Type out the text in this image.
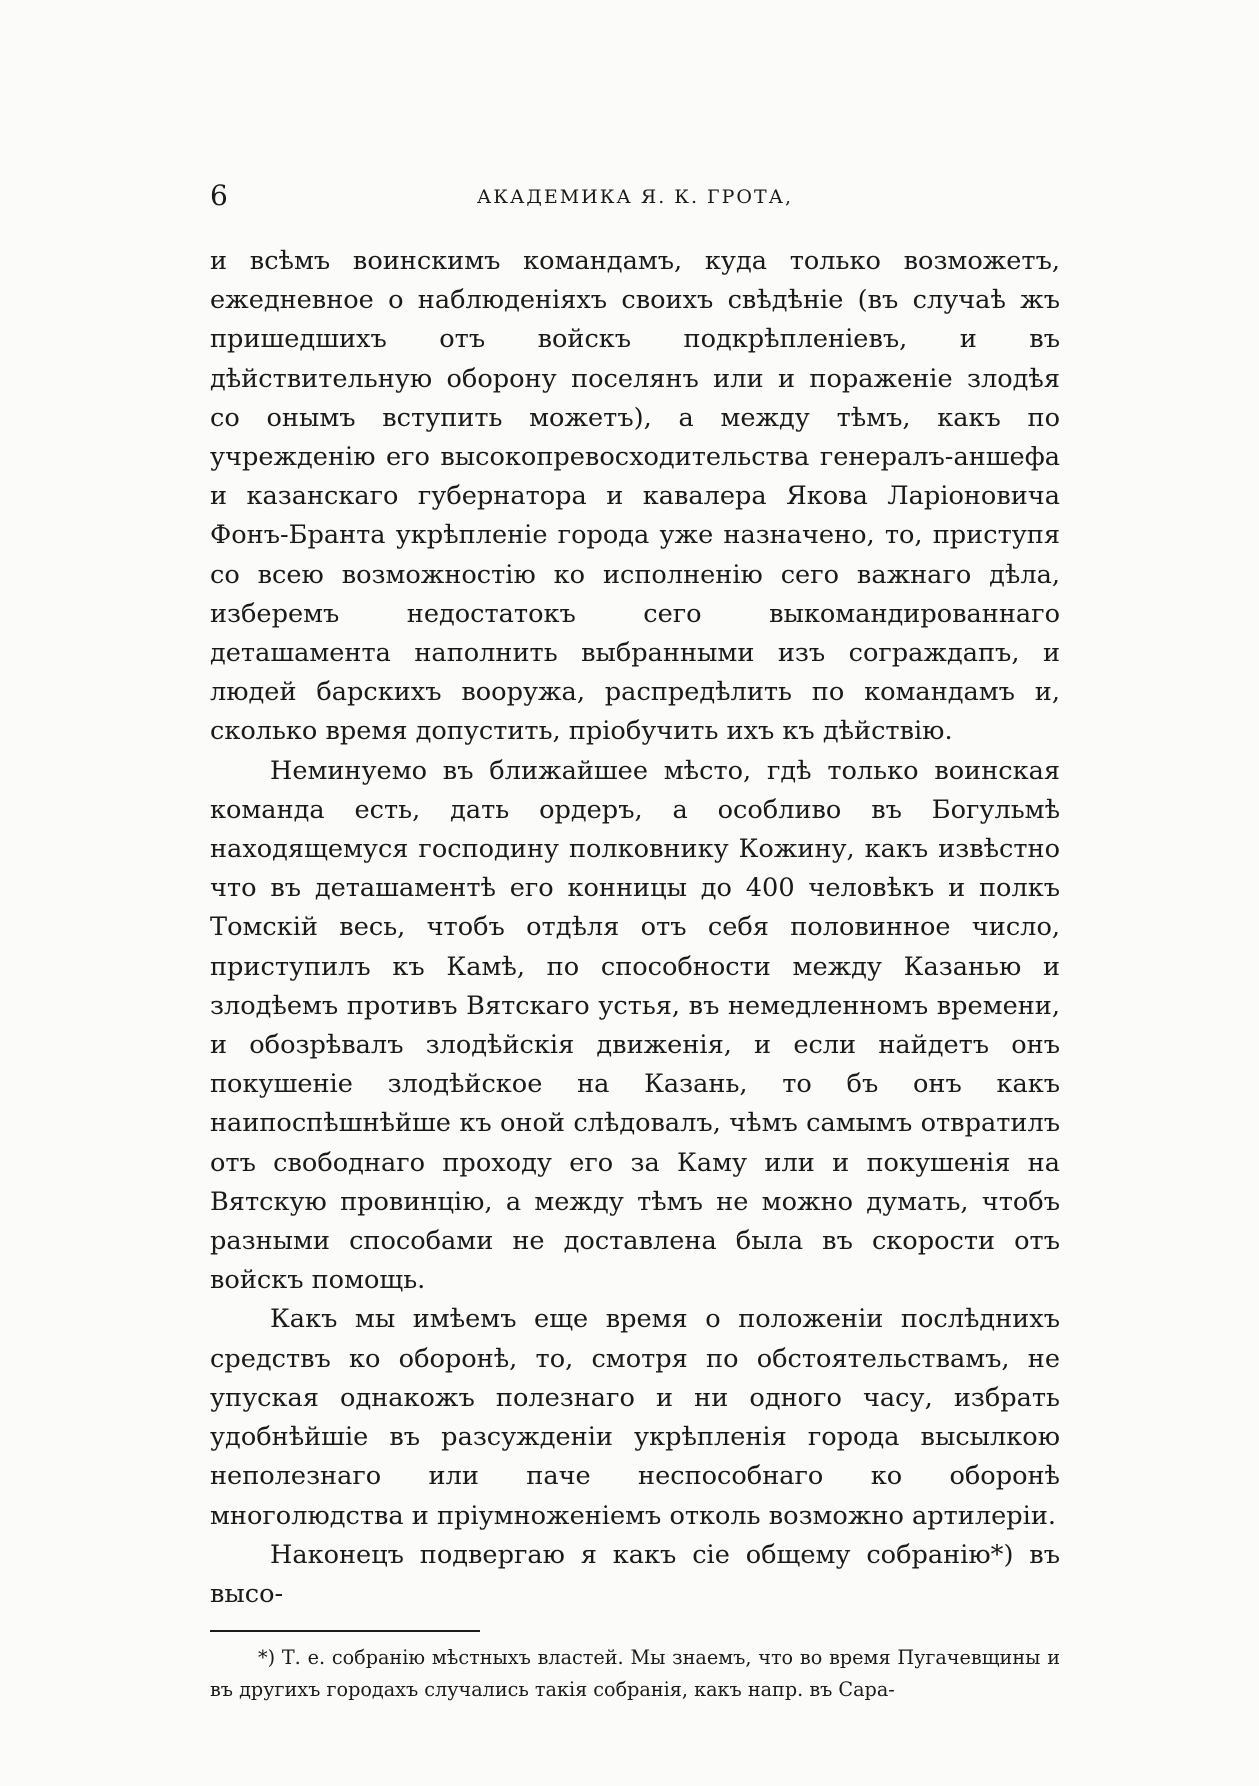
6	АКАДЕМИКА Я. К. ГРОТА,

и всѣмъ воинскимъ командамъ, куда только возможетъ, ежедневное о наблюденіяхъ своихъ свѣдѣніе (въ случаѣ жъ пришедшихъ отъ войскъ подкрѣпленіевъ, и въ дѣйствительную оборону поселянъ или и пораженіе злодѣя со онымъ вступить можетъ), а между тѣмъ, какъ по учрежденію его высокопревосходительства генералъ-аншефа и казанскаго губернатора и кавалера Якова Ларіоновича Фонъ-Бранта укрѣпленіе города уже назначено, то, приступя со всею возможностію ко исполненію сего важнаго дѣла, изберемъ недостатокъ сего выкомандированнаго деташамента наполнить выбранными изъ сограждапъ, и людей барскихъ вооружа, распредѣлить по командамъ и, сколько время допустить, пріобучить ихъ къ дѣйствію.

Неминуемо въ ближайшее мѣсто, гдѣ только воинская команда есть, дать ордеръ, а особливо въ Богульмѣ находящемуся господину полковнику Кожину, какъ извѣстно что въ деташаментѣ его конницы до 400 человѣкъ и полкъ Томскій весь, чтобъ отдѣля отъ себя половинное число, приступилъ къ Камѣ, по способности между Казанью и злодѣемъ противъ Вятскаго устья, въ немедленномъ времени, и обозрѣвалъ злодѣйскія движенія, и если найдетъ онъ покушеніе злодѣйское на Казань, то бъ онъ какъ наипоспѣшнѣйше къ оной слѣдовалъ, чѣмъ самымъ отвратилъ отъ свободнаго проходу его за Каму или и покушенія на Вятскую провинцію, а между тѣмъ не можно думать, чтобъ разными способами не доставлена была въ скорости отъ войскъ помощь.

Какъ мы имѣемъ еще время о положеніи послѣднихъ средствъ ко оборонѣ, то, смотря по обстоятельствамъ, не упуская однакожъ полезнаго и ни одного часу, избрать удобнѣйшіе въ разсужденіи укрѣпленія города высылкою неполезнаго или паче неспособнаго ко оборонѣ многолюдства и пріумноженіемъ отколь возможно артилеріи.

Наконецъ подвергаю я какъ сіе общему собранію*) въ высо-

*) Т. е. собранію мѣстныхъ властей. Мы знаемъ, что во время Пугачевщины и въ другихъ городахъ случались такія собранія, какъ напр. въ Сара-
